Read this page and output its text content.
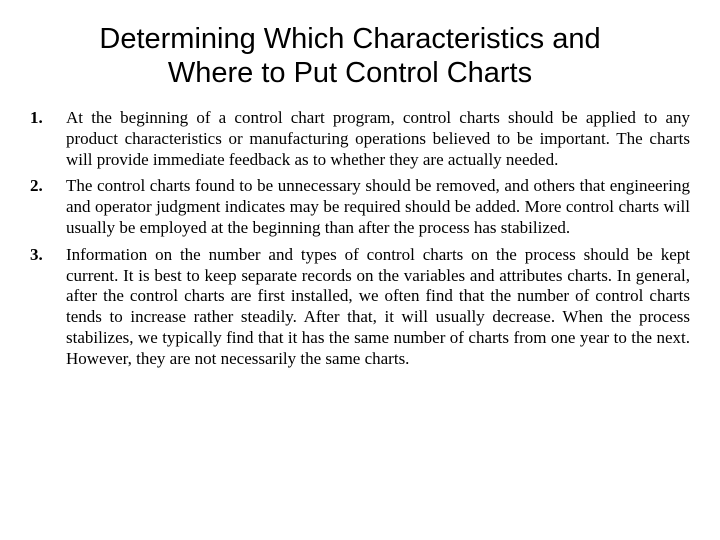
Determining Which Characteristics and
Where to Put Control Charts
1. At the beginning of a control chart program, control charts should be applied to any product characteristics or manufacturing operations believed to be important. The charts will provide immediate feedback as to whether they are actually needed.
2. The control charts found to be unnecessary should be removed, and others that engineering and operator judgment indicates may be required should be added. More control charts will usually be employed at the beginning than after the process has stabilized.
3. Information on the number and types of control charts on the process should be kept current. It is best to keep separate records on the variables and attributes charts. In general, after the control charts are first installed, we often find that the number of control charts tends to increase rather steadily. After that, it will usually decrease. When the process stabilizes, we typically find that it has the same number of charts from one year to the next. However, they are not necessarily the same charts.
